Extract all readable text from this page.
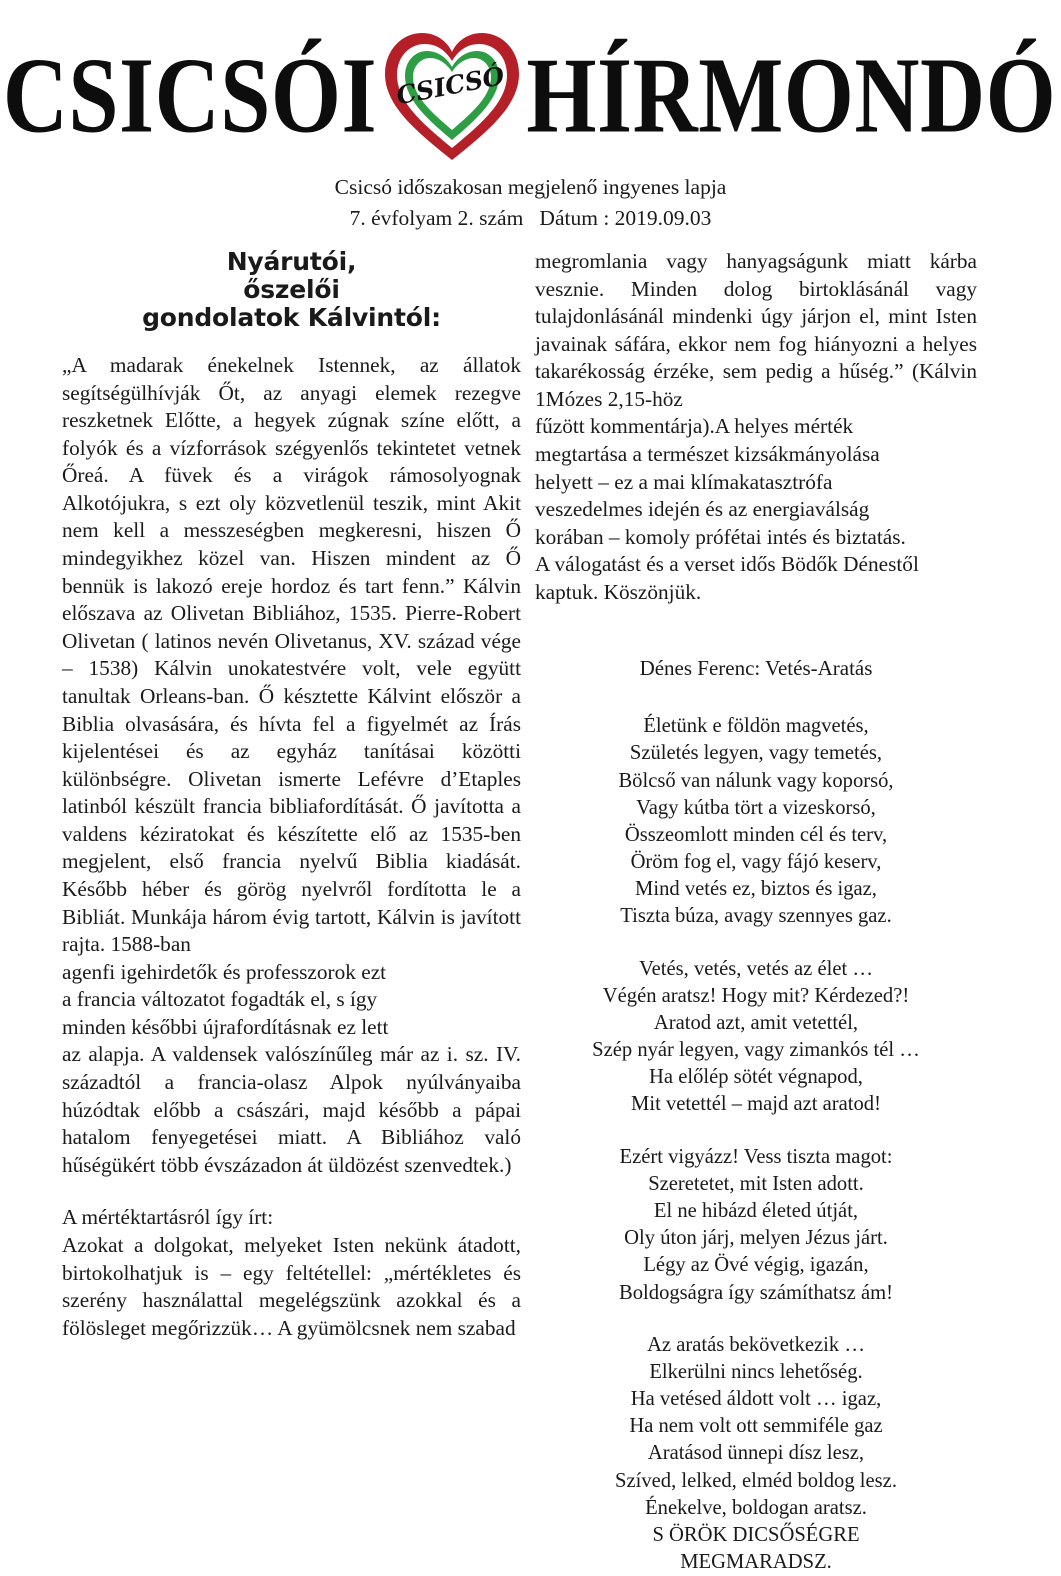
CSICSÓI CSICSÓ HÍRMONDÓ
Csicsó időszakosan megjelenő ingyenes lapja
7. évfolyam 2. szám   Dátum : 2019.09.03
Nyárutói,
őszelői
gondolatok Kálvintól:

„A madarak énekelnek Istennek, az állatok segítségülhívják Őt, az anyagi elemek rezegve reszketnek Előtte, a hegyek zúgnak színe előtt, a folyók és a vízforrások szégyenlős tekintetet vetnek Őreá. A füvek és a virágok rámosolyognak Alkotójukra, s ezt oly közvetlenül teszik, mint Akit nem kell a messzeségben megkeresni, hiszen Ő mindegyikhez közel van. Hiszen mindent az Ő bennük is lakozó ereje hordoz és tart fenn.” Kálvin előszava az Olivetan Bibliához, 1535. Pierre-Robert Olivetan ( latinos nevén Olivetanus, XV. század vége – 1538) Kálvin unokatestvére volt, vele együtt tanultak Orleans-ban. Ő késztette Kálvint először a Biblia olvasására, és hívta fel a figyelmét az Írás kijelentései és az egyház tanításai közötti különbségre. Olivetan ismerte Lefévre d’Etaples latinból készült francia bibliafordítását. Ő javította a valdens kéziratokat és készítette elő az 1535-ben megjelent, első francia nyelvű Biblia kiadását. Később héber és görög nyelvről fordította le a Bibliát. Munkája három évig tartott, Kálvin is javított rajta. 1588-ban

agenfi igehirdetők és professzorok ezt

a francia változatot fogadták el, s így

minden későbbi újrafordításnak ez lett

az alapja. A valdensek valószínűleg már az i. sz. IV. századtól a francia-olasz Alpok nyúlványaiba húzódtak előbb a császári, majd később a pápai hatalom fenyegetései miatt. A Bibliához való hűségükért több évszázadon át üldözést szenvedtek.)

A mértéktartásról így írt:

Azokat a dolgokat, melyeket Isten nekünk átadott, birtokolhatjuk is – egy feltétellel: „mértékletes és szerény használattal megelégszünk azokkal és a fölösleget megőrizzük… A gyümölcsnek nem szabad

megromlania vagy hanyagságunk miatt kárba vesznie. Minden dolog birtoklásánál vagy tulajdonlásánál mindenki úgy járjon el, mint Isten javainak sáfára, ekkor nem fog hiányozni a helyes takarékosság érzéke, sem pedig a hűség.” (Kálvin 1Mózes 2,15-höz

fűzött kommentárja).A helyes mérték

megtartása a természet kizsákmányolása

helyett – ez a mai klímakatasztrófa

veszedelmes idején és az energiaválság

korában – komoly prófétai intés és biztatás.

A válogatást és a verset idős Bödők Dénestől

kaptuk. Köszönjük.

Dénes Ferenc: Vetés-Aratás
Életünk e földön magvetés,
Születés legyen, vagy temetés,
Bölcső van nálunk vagy koporsó,
Vagy kútba tört a vizeskorsó,
Összeomlott minden cél és terv,
Öröm fog el, vagy fájó keserv,
Mind vetés ez, biztos és igaz,
Tiszta búza, avagy szennyes gaz.
Vetés, vetés, vetés az élet …
Végén aratsz! Hogy mit? Kérdezed?!
Aratod azt, amit vetettél,
Szép nyár legyen, vagy zimankós tél …
Ha előlép sötét végnapod,
Mit vetettél – majd azt aratod!
Ezért vigyázz! Vess tiszta magot:
Szeretetet, mit Isten adott.
El ne hibázd életed útját,
Oly úton járj, melyen Jézus járt.
Légy az Övé végig, igazán,
Boldogságra így számíthatsz ám!
Az aratás bekövetkezik …
Elkerülni nincs lehetőség.
Ha vetésed áldott volt … igaz,
Ha nem volt ott semmiféle gaz
Aratásod ünnepi dísz lesz,
Szíved, lelked, elméd boldog lesz.
Énekelve, boldogan aratsz.
S ÖRÖK DICSŐSÉGRE
MEGMARADSZ.
